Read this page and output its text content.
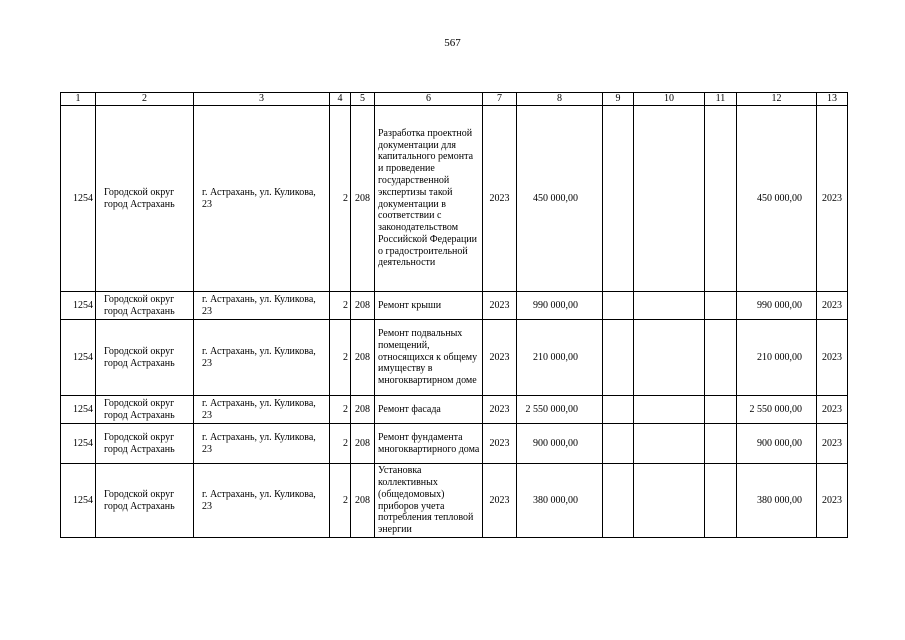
567
1	2	3	4	5	6	7	8	9	10	11	12	13
1254	Городской округ город Астрахань	г. Астрахань, ул. Куликова, 23	2	208	Разработка проектной документации для капитального ремонта и проведение государственной экспертизы такой документации в соответствии с законодательством Российской Федерации о градостроительной деятельности	2023	450 000,00				450 000,00	2023
1254	Городской округ город Астрахань	г. Астрахань, ул. Куликова, 23	2	208	Ремонт крыши	2023	990 000,00				990 000,00	2023
1254	Городской округ город Астрахань	г. Астрахань, ул. Куликова, 23	2	208	Ремонт подвальных помещений, относящихся к общему имуществу в многоквартирном доме	2023	210 000,00				210 000,00	2023
1254	Городской округ город Астрахань	г. Астрахань, ул. Куликова, 23	2	208	Ремонт фасада	2023	2 550 000,00				2 550 000,00	2023
1254	Городской округ город Астрахань	г. Астрахань, ул. Куликова, 23	2	208	Ремонт фундамента многоквартирного дома	2023	900 000,00				900 000,00	2023
1254	Городской округ город Астрахань	г. Астрахань, ул. Куликова, 23	2	208	Установка коллективных (общедомовых) приборов учета потребления тепловой энергии	2023	380 000,00				380 000,00	2023
